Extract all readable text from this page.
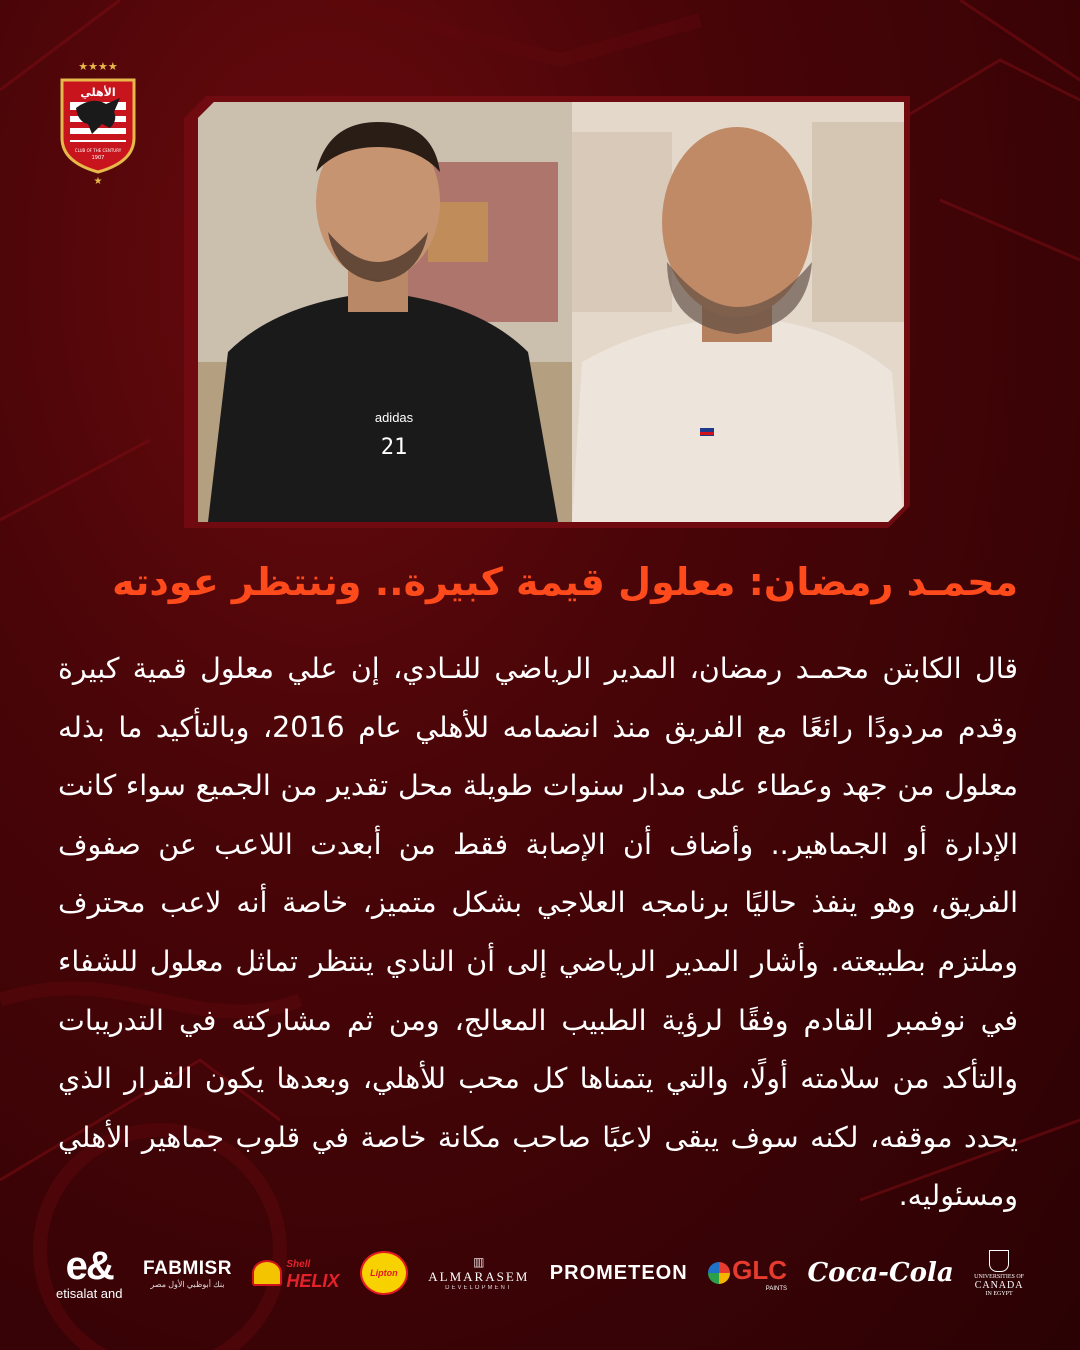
★★★★
الأهلي
CLUB OF THE CENTURY
1907
★
adidas
21
محمـد رمضان: معلول قيمة كبيرة.. وننتظر عودته
قال الكابتن محمـد رمضان، المدير الرياضي للنـادي، إن علي معلول قمية كبيرة وقدم مردودًا رائعًا مع الفريق منذ انضمامه للأهلي عام 2016، وبالتأكيد ما بذله معلول من جهد وعطاء على مدار سنوات طويلة محل تقدير من الجميع سواء كانت الإدارة أو الجماهير.. وأضاف أن الإصابة فقط من أبعدت اللاعب عن صفوف الفريق، وهو ينفذ حاليًا برنامجه العلاجي بشكل متميز، خاصة أنه لاعب محترف وملتزم بطبيعته. وأشار المدير الرياضي إلى أن النادي ينتظر تماثل معلول للشفاء في نوفمبر القادم وفقًا لرؤية الطبيب المعالج، ومن ثم مشاركته في التدريبات والتأكد من سلامته أولًا، والتي يتمناها كل محب للأهلي، وبعدها يكون القرار الذي يحدد موقفه، لكنه سوف يبقى لاعبًا صاحب مكانة خاصة في قلوب جماهير الأهلي ومسئوليه.
e&
etisalat and
FABMISR
بنك أبوظبي الأول مصر
Shell
HELIX	Lipton
▥
ALMARASEM
DEVELOPMENT
PROMETEON GLC
PAINTS
Coca-Cola	UNIVERSITIES OF
CANADA
IN EGYPT
